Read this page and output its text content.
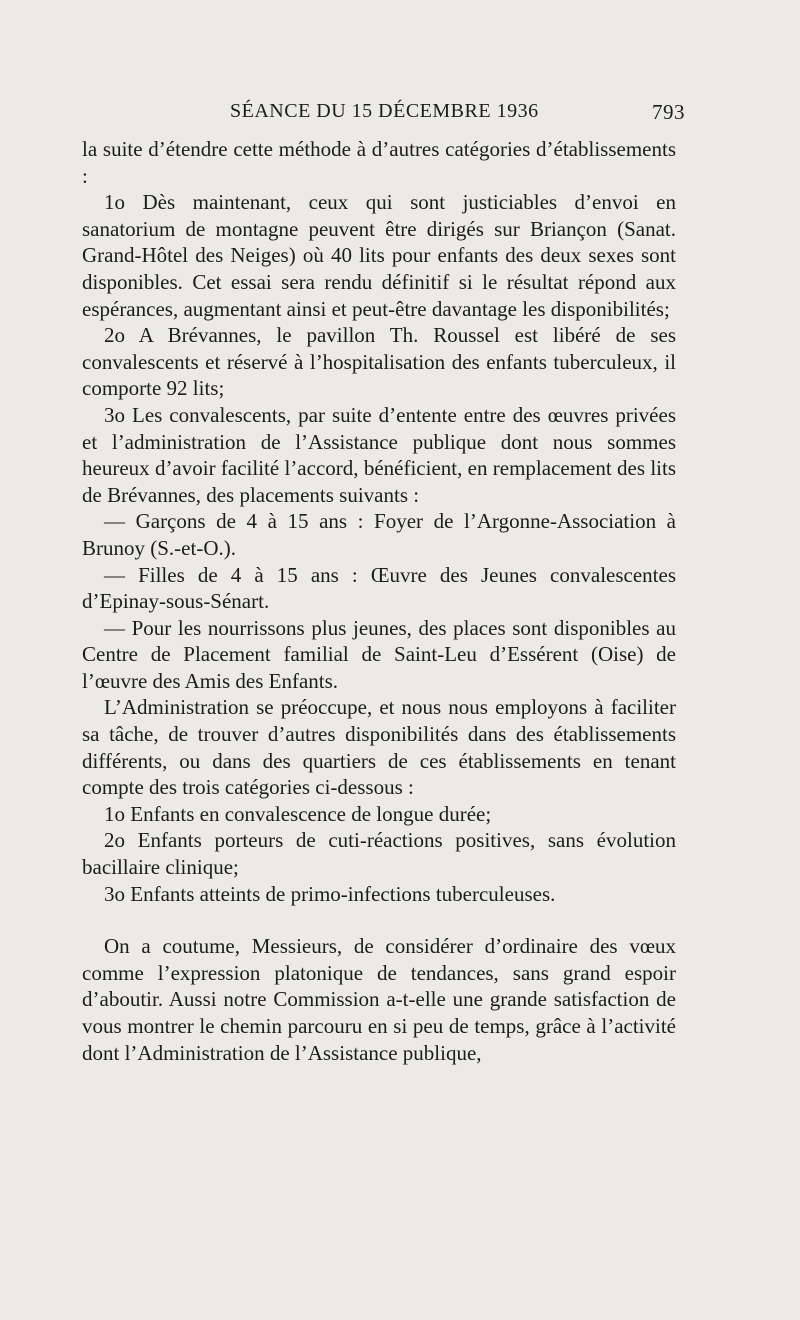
SÉANCE DU 15 DÉCEMBRE 1936	793

la suite d’étendre cette méthode à d’autres catégories d’établissements :

1o Dès maintenant, ceux qui sont justiciables d’envoi en sanatorium de montagne peuvent être dirigés sur Briançon (Sanat. Grand-Hôtel des Neiges) où 40 lits pour enfants des deux sexes sont disponibles. Cet essai sera rendu définitif si le résultat répond aux espérances, augmentant ainsi et peut-être davantage les disponibilités;

2o A Brévannes, le pavillon Th. Roussel est libéré de ses convalescents et réservé à l’hospitalisation des enfants tuberculeux, il comporte 92 lits;

3o Les convalescents, par suite d’entente entre des œuvres privées et l’administration de l’Assistance publique dont nous sommes heureux d’avoir facilité l’accord, bénéficient, en remplacement des lits de Brévannes, des placements suivants :

— Garçons de 4 à 15 ans : Foyer de l’Argonne-Association à Brunoy (S.-et-O.).

— Filles de 4 à 15 ans : Œuvre des Jeunes convalescentes d’Epinay-sous-Sénart.

— Pour les nourrissons plus jeunes, des places sont disponibles au Centre de Placement familial de Saint-Leu d’Essérent (Oise) de l’œuvre des Amis des Enfants.

L’Administration se préoccupe, et nous nous employons à faciliter sa tâche, de trouver d’autres disponibilités dans des établissements différents, ou dans des quartiers de ces établissements en tenant compte des trois catégories ci-dessous :

1o Enfants en convalescence de longue durée;

2o Enfants porteurs de cuti-réactions positives, sans évolution bacillaire clinique;

3o Enfants atteints de primo-infections tuberculeuses.

On a coutume, Messieurs, de considérer d’ordinaire des vœux comme l’expression platonique de tendances, sans grand espoir d’aboutir. Aussi notre Commission a-t-elle une grande satisfaction de vous montrer le chemin parcouru en si peu de temps, grâce à l’activité dont l’Administration de l’Assistance publique,
